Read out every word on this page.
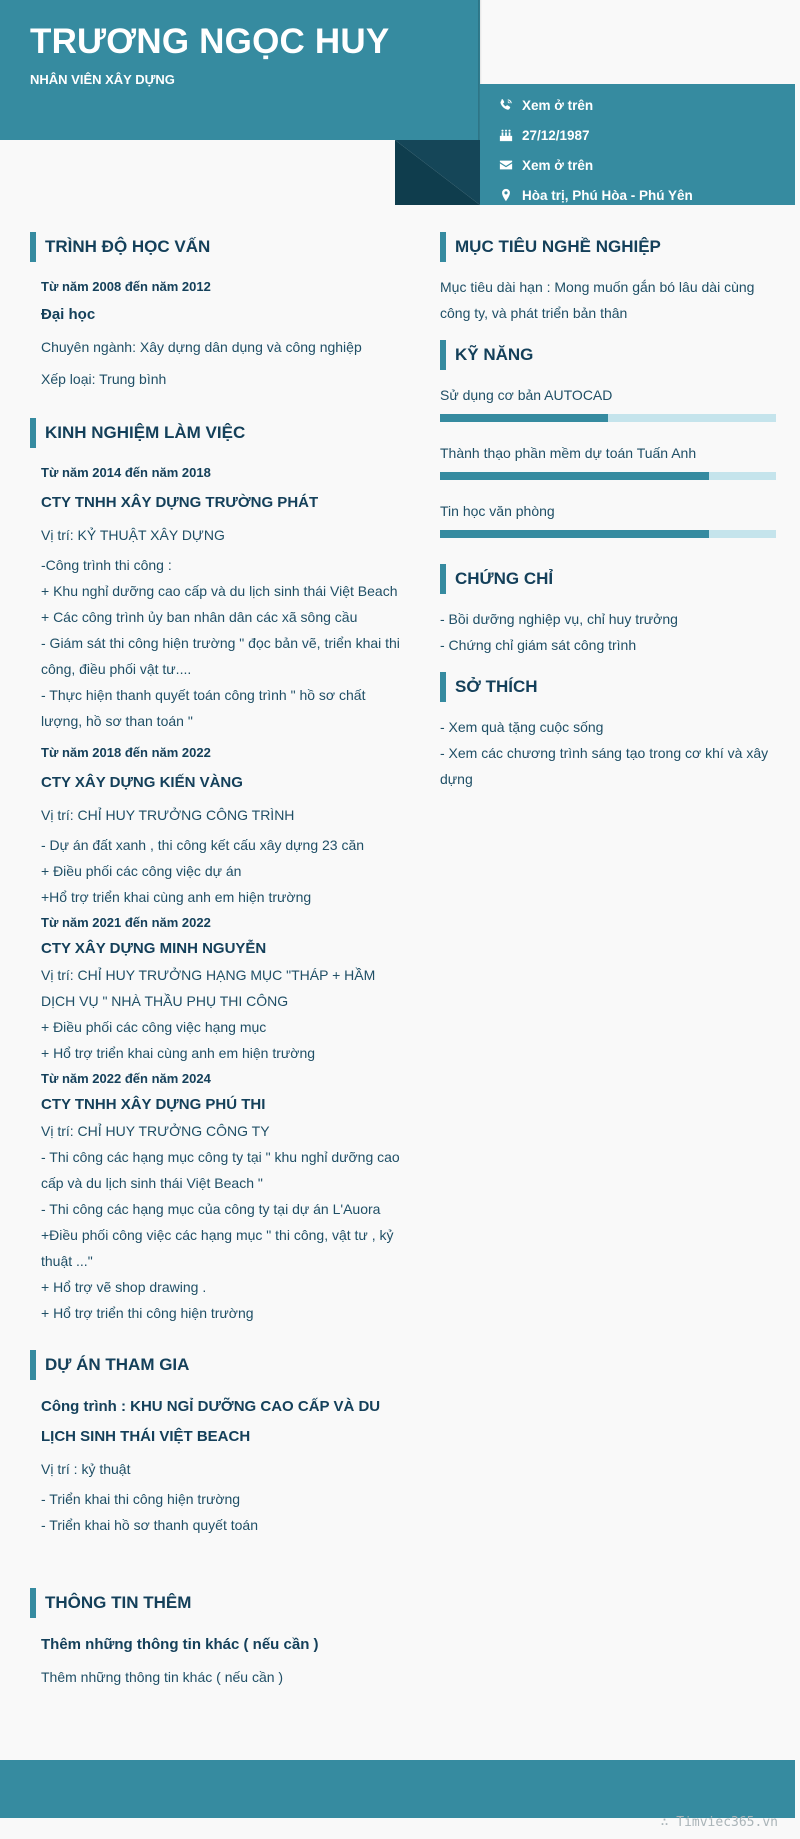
TRƯƠNG NGỌC HUY
NHÂN VIÊN XÂY DỰNG
Xem ở trên
27/12/1987
Xem ở trên
Hòa trị, Phú Hòa - Phú Yên
TRÌNH ĐỘ HỌC VẤN
Từ năm 2008 đến năm 2012
Đại học
Chuyên ngành: Xây dựng dân dụng và công nghiệp
Xếp loại: Trung bình
KINH NGHIỆM LÀM VIỆC
Từ năm 2014 đến năm 2018
CTY TNHH XÂY DỰNG TRƯỜNG PHÁT
Vị trí: KỶ THUẬT XÂY DỰNG
-Công trình thi công :
+ Khu nghỉ dưỡng cao cấp và du lịch sinh thái Việt Beach
+ Các công trình ủy ban nhân dân các xã sông cầu
- Giám sát thi công hiện trường " đọc bản vẽ, triển khai thi công, điều phối vật tư....
- Thực hiện thanh quyết toán công trình " hồ sơ chất lượng, hồ sơ than toán "
Từ năm 2018 đến năm 2022
CTY XÂY DỰNG KIẾN VÀNG
Vị trí: CHỈ HUY TRƯỞNG CÔNG TRÌNH
- Dự án đất xanh , thi công kết cấu xây dựng 23 căn
+ Điều phối các công việc dự án
+Hổ trợ triển khai cùng anh em hiện trường
Từ năm 2021 đến năm 2022
CTY XÂY DỰNG MINH NGUYỄN
Vị trí: CHỈ HUY TRƯỞNG HẠNG MỤC "THÁP + HẦM DỊCH VỤ " NHÀ THẦU PHỤ THI CÔNG
+ Điều phối các công việc hạng mục
+ Hổ trợ triển khai cùng anh em hiện trường
Từ năm 2022 đến năm 2024
CTY TNHH XÂY DỰNG PHÚ THI
Vị trí: CHỈ HUY TRƯỞNG CÔNG TY
- Thi công các hạng mục công ty tại " khu nghỉ dưỡng cao cấp và du lịch sinh thái Việt Beach "
- Thi công các hạng mục của công ty tại dự án L'Auora
+Điều phối công việc các hạng mục " thi công, vật tư , kỷ thuật ..."
+ Hổ trợ vẽ shop drawing .
+ Hổ trợ triển thi công hiện trường
DỰ ÁN THAM GIA
Công trình : KHU NGỈ DƯỠNG CAO CẤP VÀ DU LỊCH SINH THÁI VIỆT BEACH
Vị trí : kỷ thuật
- Triển khai thi công hiện trường
- Triển khai hồ sơ thanh quyết toán
THÔNG TIN THÊM
Thêm những thông tin khác ( nếu cần )
Thêm những thông tin khác ( nếu cần )
MỤC TIÊU NGHỀ NGHIỆP
Mục tiêu dài hạn : Mong muốn gắn bó lâu dài cùng công ty, và phát triển bản thân
KỸ NĂNG
Sử dụng cơ bản AUTOCAD
Thành thạo phần mềm dự toán Tuấn Anh
Tin học văn phòng
CHỨNG CHỈ
- Bồi dưỡng nghiệp vụ, chỉ huy trưởng
- Chứng chỉ giám sát công trình
SỞ THÍCH
- Xem quà tặng cuộc sống
- Xem các chương trình sáng tạo trong cơ khí và xây dựng
∴ Timviec365.vn
